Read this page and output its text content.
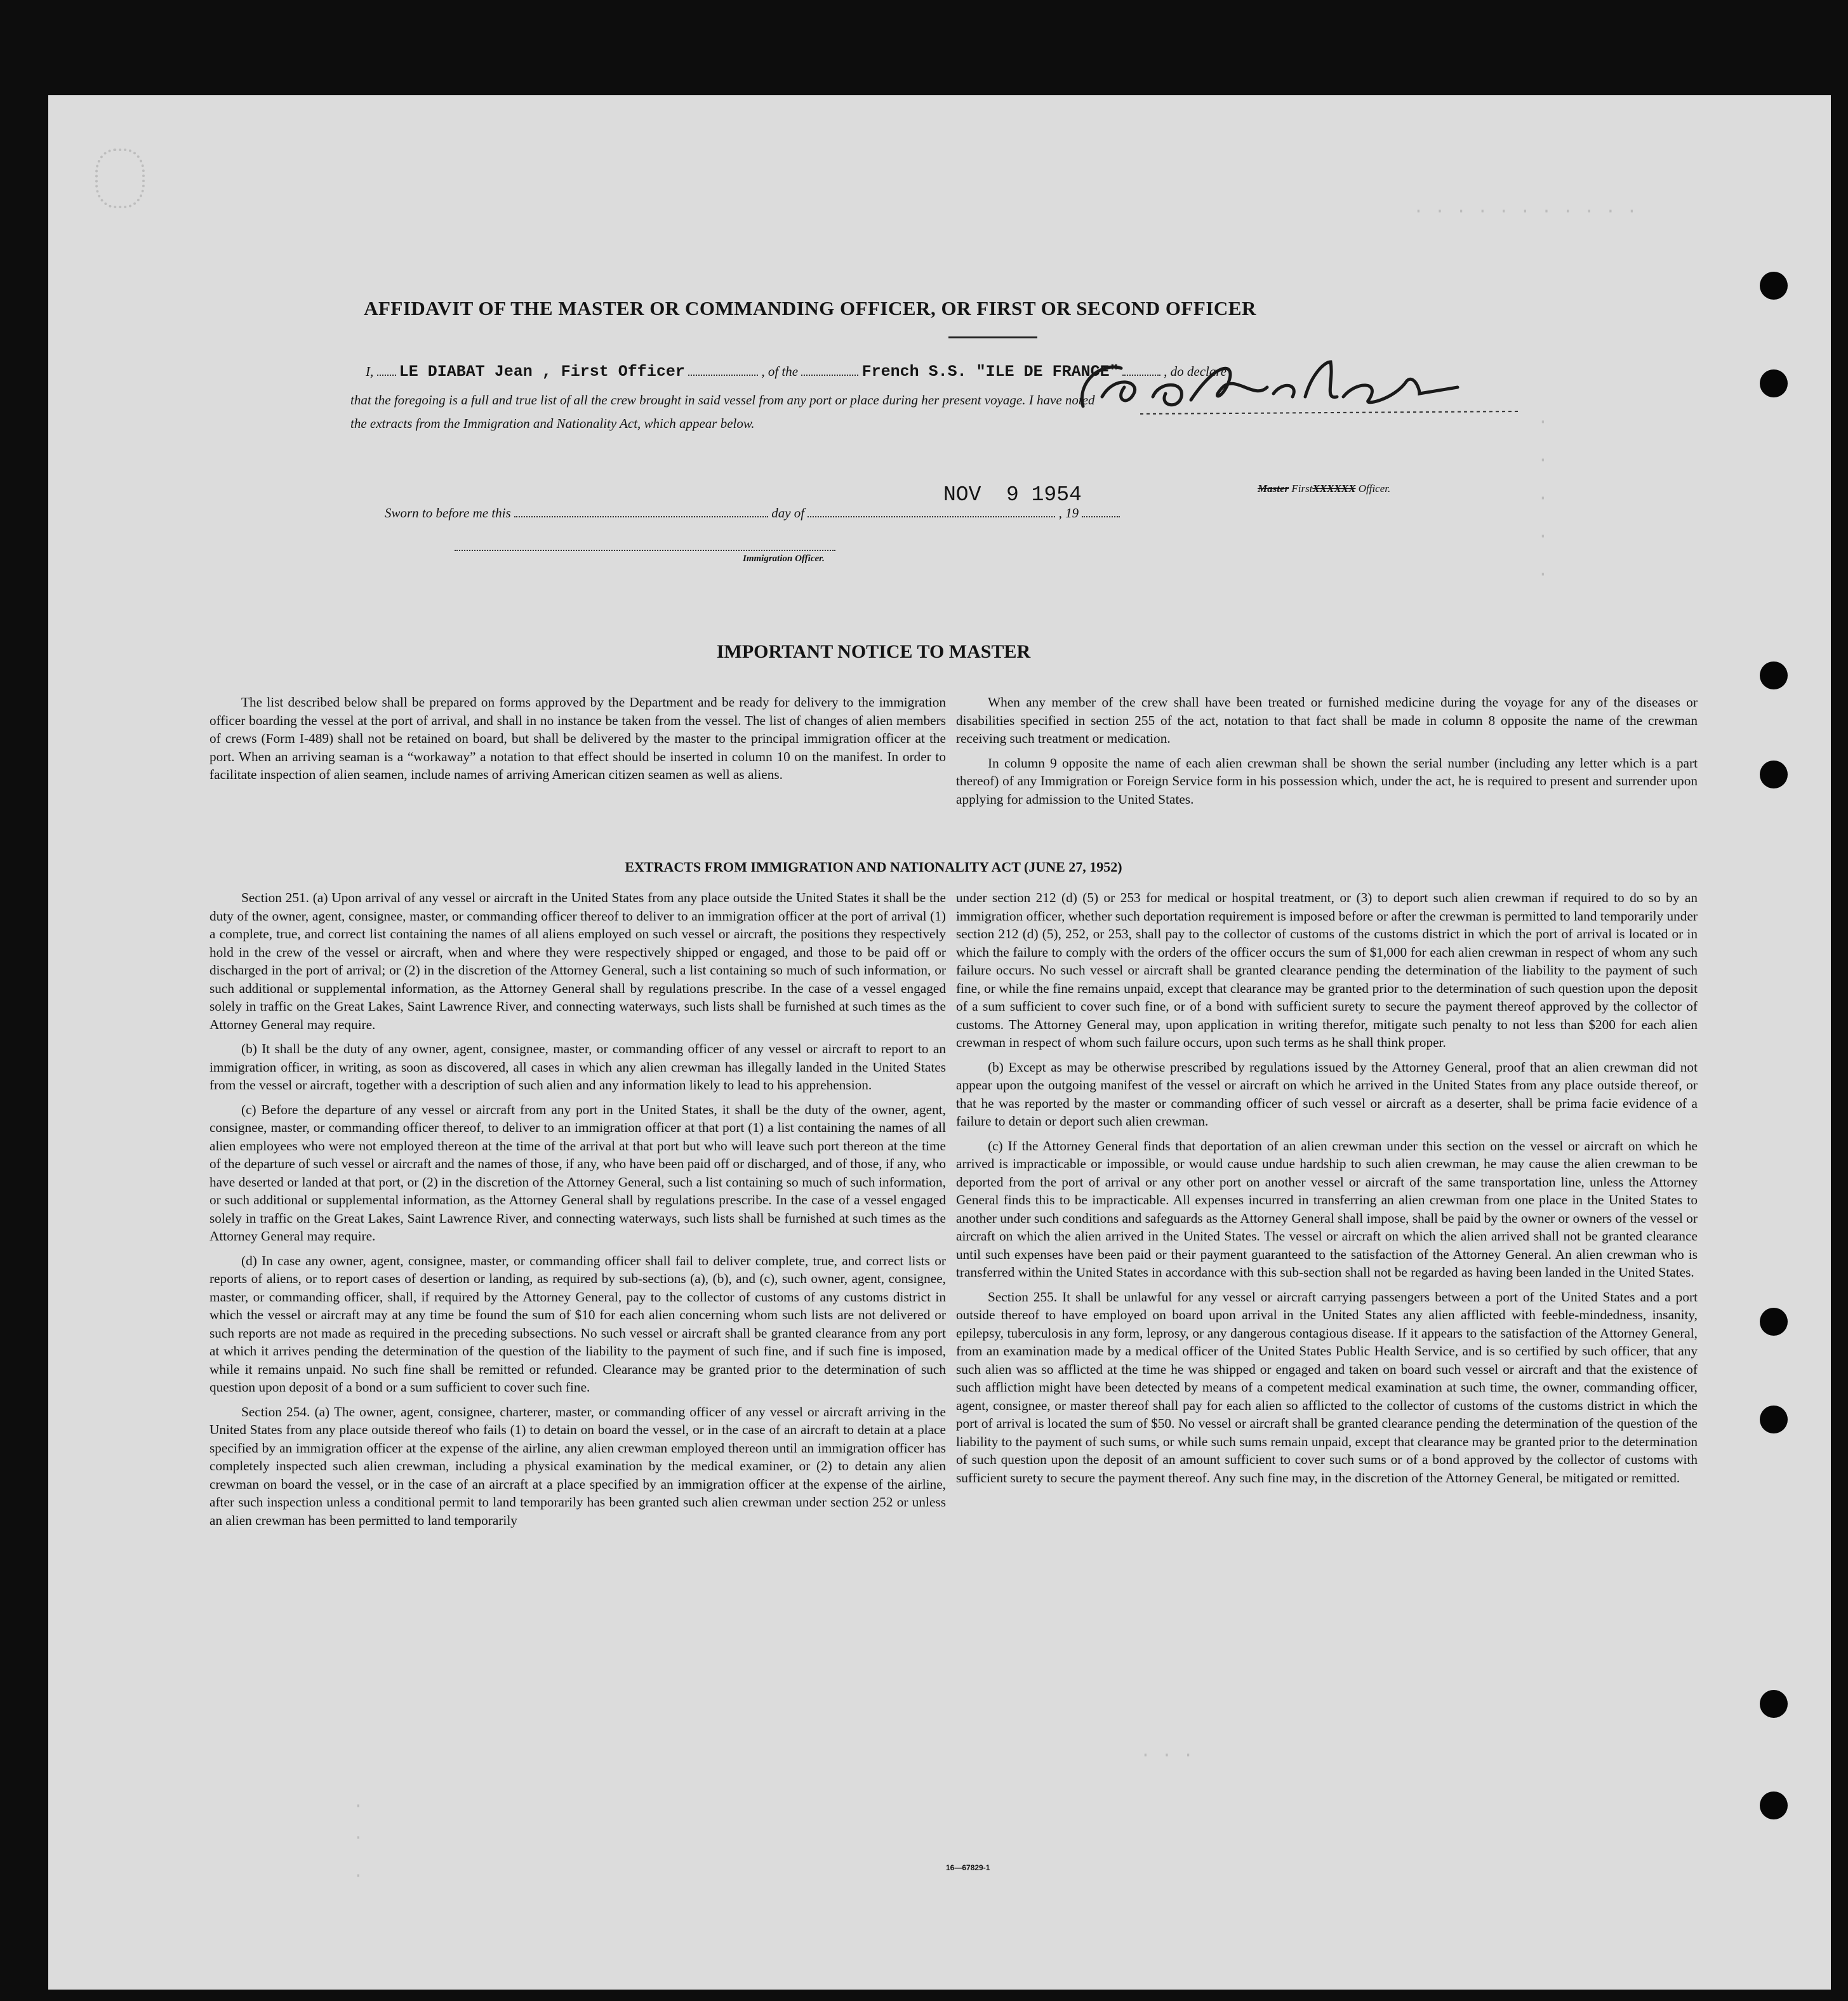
· · · · · · · · · · ·
·
·
·
·
·
· · ·
·
·
·
AFFIDAVIT OF THE MASTER OR COMMANDING OFFICER, OR FIRST OR SECOND OFFICER
I, LE DIABAT Jean , First Officer	, of the	French S.S. "ILE DE FRANCE"	, do declare
that the foregoing is a full and true list of all the crew brought in said vessel from any port or place during her present voyage. I have noted
the extracts from the Immigration and Nationality Act, which appear below.
Sworn to before me this	day of	, 19
NOV  9 1954	Master FirstXXXXXX Officer.
Immigration Officer.
IMPORTANT NOTICE TO MASTER

The list described below shall be prepared on forms approved by the Department and be ready for delivery to the immigration officer boarding the vessel at the port of arrival, and shall in no instance be taken from the vessel. The list of changes of alien members of crews (Form I-489) shall not be retained on board, but shall be delivered by the master to the principal immigration officer at the port. When an arriving seaman is a “workaway” a notation to that effect should be inserted in column 10 on the manifest. In order to facilitate inspection of alien seamen, include names of arriving American citizen seamen as well as aliens.

When any member of the crew shall have been treated or furnished medicine during the voyage for any of the diseases or disabilities specified in section 255 of the act, notation to that fact shall be made in column 8 opposite the name of the crewman receiving such treatment or medication.

In column 9 opposite the name of each alien crewman shall be shown the serial number (including any letter which is a part thereof) of any Immigration or Foreign Service form in his possession which, under the act, he is required to present and surrender upon applying for admission to the United States.

EXTRACTS FROM IMMIGRATION AND NATIONALITY ACT (JUNE 27, 1952)

Section 251. (a) Upon arrival of any vessel or aircraft in the United States from any place outside the United States it shall be the duty of the owner, agent, consignee, master, or commanding officer thereof to deliver to an immigration officer at the port of arrival (1) a complete, true, and correct list containing the names of all aliens employed on such vessel or aircraft, the positions they respectively hold in the crew of the vessel or aircraft, when and where they were respectively shipped or engaged, and those to be paid off or discharged in the port of arrival; or (2) in the discretion of the Attorney General, such a list containing so much of such information, or such additional or supplemental information, as the Attorney General shall by regulations prescribe. In the case of a vessel engaged solely in traffic on the Great Lakes, Saint Lawrence River, and connecting waterways, such lists shall be furnished at such times as the Attorney General may require.

(b) It shall be the duty of any owner, agent, consignee, master, or commanding officer of any vessel or aircraft to report to an immigration officer, in writing, as soon as discovered, all cases in which any alien crewman has illegally landed in the United States from the vessel or aircraft, together with a description of such alien and any information likely to lead to his apprehension.

(c) Before the departure of any vessel or aircraft from any port in the United States, it shall be the duty of the owner, agent, consignee, master, or commanding officer thereof, to deliver to an immigration officer at that port (1) a list containing the names of all alien employees who were not employed thereon at the time of the arrival at that port but who will leave such port thereon at the time of the departure of such vessel or aircraft and the names of those, if any, who have been paid off or discharged, and of those, if any, who have deserted or landed at that port, or (2) in the discretion of the Attorney General, such a list containing so much of such information, or such additional or supplemental information, as the Attorney General shall by regulations prescribe. In the case of a vessel engaged solely in traffic on the Great Lakes, Saint Lawrence River, and connecting waterways, such lists shall be furnished at such times as the Attorney General may require.

(d) In case any owner, agent, consignee, master, or commanding officer shall fail to deliver complete, true, and correct lists or reports of aliens, or to report cases of desertion or landing, as required by sub-sections (a), (b), and (c), such owner, agent, consignee, master, or commanding officer, shall, if required by the Attorney General, pay to the collector of customs of any customs district in which the vessel or aircraft may at any time be found the sum of $10 for each alien concerning whom such lists are not delivered or such reports are not made as required in the preceding subsections. No such vessel or aircraft shall be granted clearance from any port at which it arrives pending the determination of the question of the liability to the payment of such fine, and if such fine is imposed, while it remains unpaid. No such fine shall be remitted or refunded. Clearance may be granted prior to the determination of such question upon deposit of a bond or a sum sufficient to cover such fine.

Section 254. (a) The owner, agent, consignee, charterer, master, or commanding officer of any vessel or aircraft arriving in the United States from any place outside thereof who fails (1) to detain on board the vessel, or in the case of an aircraft to detain at a place specified by an immigration officer at the expense of the airline, any alien crewman employed thereon until an immigration officer has completely inspected such alien crewman, including a physical examination by the medical examiner, or (2) to detain any alien crewman on board the vessel, or in the case of an aircraft at a place specified by an immigration officer at the expense of the airline, after such inspection unless a conditional permit to land temporarily has been granted such alien crewman under section 252 or unless an alien crewman has been permitted to land temporarily

under section 212 (d) (5) or 253 for medical or hospital treatment, or (3) to deport such alien crewman if required to do so by an immigration officer, whether such deportation requirement is imposed before or after the crewman is permitted to land temporarily under section 212 (d) (5), 252, or 253, shall pay to the collector of customs of the customs district in which the port of arrival is located or in which the failure to comply with the orders of the officer occurs the sum of $1,000 for each alien crewman in respect of whom any such failure occurs. No such vessel or aircraft shall be granted clearance pending the determination of the liability to the payment of such fine, or while the fine remains unpaid, except that clearance may be granted prior to the determination of such question upon the deposit of a sum sufficient to cover such fine, or of a bond with sufficient surety to secure the payment thereof approved by the collector of customs. The Attorney General may, upon application in writing therefor, mitigate such penalty to not less than $200 for each alien crewman in respect of whom such failure occurs, upon such terms as he shall think proper.

(b) Except as may be otherwise prescribed by regulations issued by the Attorney General, proof that an alien crewman did not appear upon the outgoing manifest of the vessel or aircraft on which he arrived in the United States from any place outside thereof, or that he was reported by the master or commanding officer of such vessel or aircraft as a deserter, shall be prima facie evidence of a failure to detain or deport such alien crewman.

(c) If the Attorney General finds that deportation of an alien crewman under this section on the vessel or aircraft on which he arrived is impracticable or impossible, or would cause undue hardship to such alien crewman, he may cause the alien crewman to be deported from the port of arrival or any other port on another vessel or aircraft of the same transportation line, unless the Attorney General finds this to be impracticable. All expenses incurred in transferring an alien crewman from one place in the United States to another under such conditions and safeguards as the Attorney General shall impose, shall be paid by the owner or owners of the vessel or aircraft on which the alien arrived in the United States. The vessel or aircraft on which the alien arrived shall not be granted clearance until such expenses have been paid or their payment guaranteed to the satisfaction of the Attorney General. An alien crewman who is transferred within the United States in accordance with this sub-section shall not be regarded as having been landed in the United States.

Section 255. It shall be unlawful for any vessel or aircraft carrying passengers between a port of the United States and a port outside thereof to have employed on board upon arrival in the United States any alien afflicted with feeble-mindedness, insanity, epilepsy, tuberculosis in any form, leprosy, or any dangerous contagious disease. If it appears to the satisfaction of the Attorney General, from an examination made by a medical officer of the United States Public Health Service, and is so certified by such officer, that any such alien was so afflicted at the time he was shipped or engaged and taken on board such vessel or aircraft and that the existence of such affliction might have been detected by means of a competent medical examination at such time, the owner, commanding officer, agent, consignee, or master thereof shall pay for each alien so afflicted to the collector of customs of the customs district in which the port of arrival is located the sum of $50. No vessel or aircraft shall be granted clearance pending the determination of the question of the liability to the payment of such sums, or while such sums remain unpaid, except that clearance may be granted prior to the determination of such question upon the deposit of an amount sufficient to cover such sums or of a bond approved by the collector of customs with sufficient surety to secure the payment thereof. Any such fine may, in the discretion of the Attorney General, be mitigated or remitted.

16—67829-1
